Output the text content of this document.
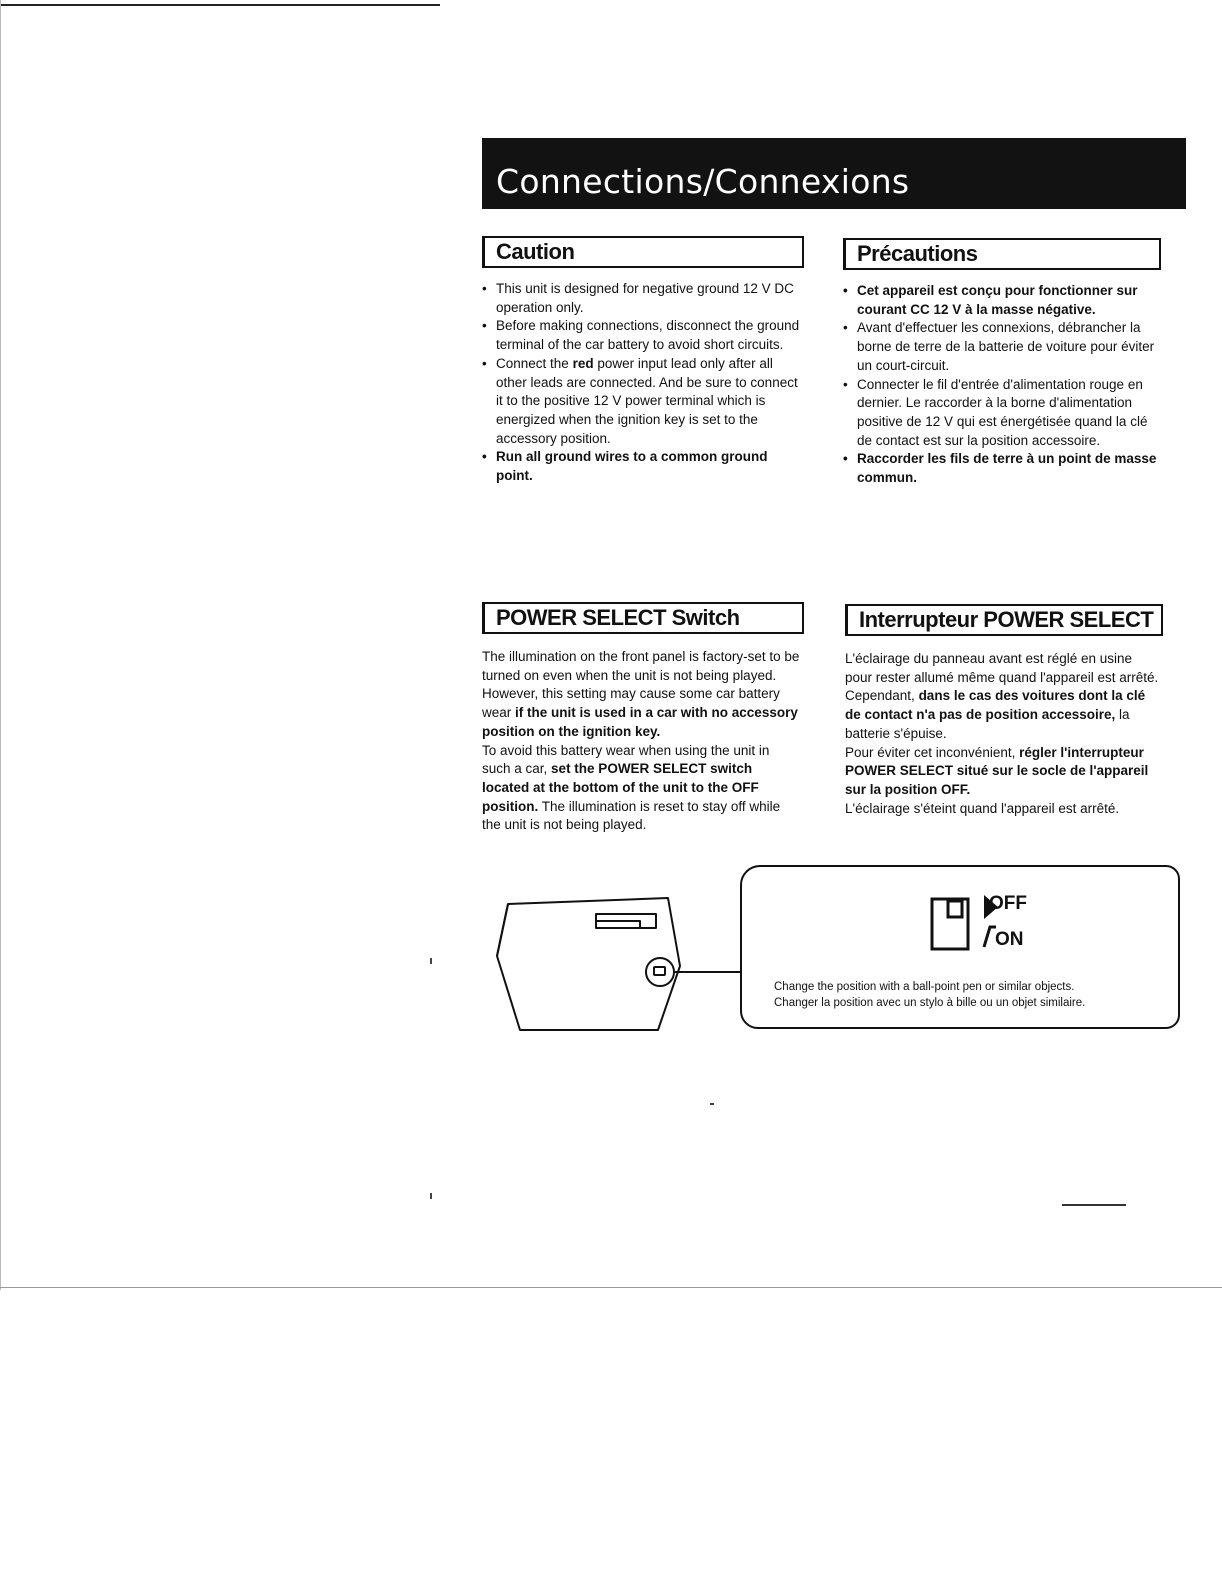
Connections/Connexions
Caution
• This unit is designed for negative ground 12 V DC operation only.
• Before making connections, disconnect the ground terminal of the car battery to avoid short circuits.
• Connect the red power input lead only after all other leads are connected. And be sure to connect it to the positive 12 V power terminal which is energized when the ignition key is set to the accessory position.
• Run all ground wires to a common ground point.
Précautions
• Cet appareil est conçu pour fonctionner sur courant CC 12 V à la masse négative.
• Avant d'effectuer les connexions, débrancher la borne de terre de la batterie de voiture pour éviter un court-circuit.
• Connecter le fil d'entrée d'alimentation rouge en dernier. Le raccorder à la borne d'alimentation positive de 12 V qui est énergétisée quand la clé de contact est sur la position accessoire.
• Raccorder les fils de terre à un point de masse commun.
POWER SELECT Switch

The illumination on the front panel is factory-set to be turned on even when the unit is not being played. However, this setting may cause some car battery wear if the unit is used in a car with no accessory position on the ignition key.

To avoid this battery wear when using the unit in such a car, set the POWER SELECT switch located at the bottom of the unit to the OFF position. The illumination is reset to stay off while the unit is not being played.

Interrupteur POWER SELECT

L'éclairage du panneau avant est réglé en usine pour rester allumé même quand l'appareil est arrêté. Cependant, dans le cas des voitures dont la clé de contact n'a pas de position accessoire, la batterie s'épuise.

Pour éviter cet inconvénient, régler l'interrupteur POWER SELECT situé sur le socle de l'appareil sur la position OFF.

L'éclairage s'éteint quand l'appareil est arrêté.

OFF
ON
Change the position with a ball-point pen or similar objects.
Changer la position avec un stylo à bille ou un objet similaire.
